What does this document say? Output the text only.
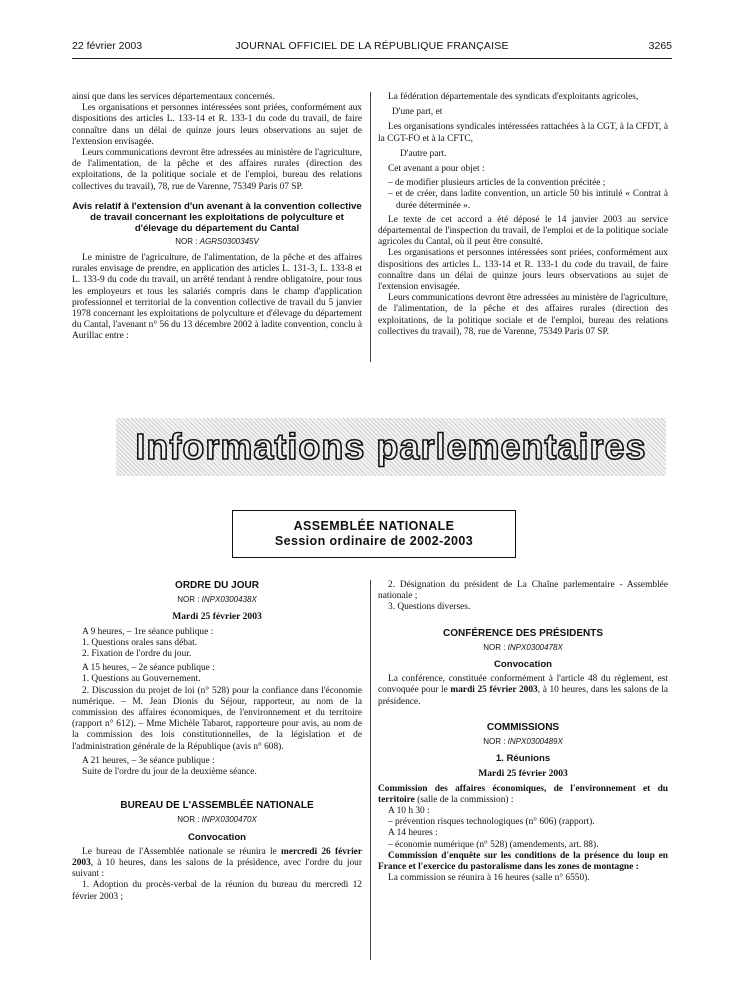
22 février 2003	JOURNAL OFFICIEL DE LA RÉPUBLIQUE FRANÇAISE	3265

ainsi que dans les services départementaux concernés.

Les organisations et personnes intéressées sont priées, conformément aux dispositions des articles L. 133-14 et R. 133-1 du code du travail, de faire connaître dans un délai de quinze jours leurs observations au sujet de l'extension envisagée.

Leurs communications devront être adressées au ministère de l'agriculture, de l'alimentation, de la pêche et des affaires rurales (direction des exploitations, de la politique sociale et de l'emploi, bureau des relations collectives du travail), 78, rue de Varenne, 75349 Paris 07 SP.

Avis relatif à l'extension d'un avenant à la convention collective de travail concernant les exploitations de polyculture et d'élevage du département du Cantal
NOR : AGRS0300345V

Le ministre de l'agriculture, de l'alimentation, de la pêche et des affaires rurales envisage de prendre, en application des articles L. 131-3, L. 133-8 et L. 133-9 du code du travail, un arrêté tendant à rendre obligatoire, pour tous les employeurs et tous les salariés compris dans le champ d'application professionnel et territorial de la convention collective de travail du 5 janvier 1978 concernant les exploitations de polyculture et d'élevage du département du Cantal, l'avenant n° 56 du 13 décembre 2002 à ladite convention, conclu à Aurillac entre :

La fédération départementale des syndicats d'exploitants agricoles,

D'une part, et

Les organisations syndicales intéressées rattachées à la CGT, à la CFDT, à la CGT-FO et à la CFTC,

D'autre part.

Cet avenant a pour objet :

– de modifier plusieurs articles de la convention précitée ;

– et de créer, dans ladite convention, un article 50 bis intitulé « Contrat à durée déterminée ».

Le texte de cet accord a été déposé le 14 janvier 2003 au service départemental de l'inspection du travail, de l'emploi et de la politique sociale agricoles du Cantal, où il peut être consulté.

Les organisations et personnes intéressées sont priées, conformément aux dispositions des articles L. 133-14 et R. 133-1 du code du travail, de faire connaître dans un délai de quinze jours leurs observations au sujet de l'extension envisagée.

Leurs communications devront être adressées au ministère de l'agriculture, de l'alimentation, de la pêche et des affaires rurales (direction des exploitations, de la politique sociale et de l'emploi, bureau des relations collectives du travail), 78, rue de Varenne, 75349 Paris 07 SP.

Informations parlementaires
ASSEMBLÉE NATIONALE
Session ordinaire de 2002-2003
ORDRE DU JOUR
NOR : INPX0300438X
Mardi 25 février 2003

A 9 heures, – 1re séance publique :

1. Questions orales sans débat.

2. Fixation de l'ordre du jour.

A 15 heures, – 2e séance publique :

1. Questions au Gouvernement.

2. Discussion du projet de loi (n° 528) pour la confiance dans l'économie numérique. – M. Jean Dionis du Séjour, rapporteur, au nom de la commission des affaires économiques, de l'environnement et du territoire (rapport n° 612). – Mme Michèle Tabarot, rapporteure pour avis, au nom de la commission des lois constitutionnelles, de la législation et de l'administration générale de la République (avis n° 608).

A 21 heures, – 3e séance publique :

Suite de l'ordre du jour de la deuxième séance.

BUREAU DE L'ASSEMBLÉE NATIONALE
NOR : INPX0300470X
Convocation

Le bureau de l'Assemblée nationale se réunira le mercredi 26 février 2003, à 10 heures, dans les salons de la présidence, avec l'ordre du jour suivant :

1. Adoption du procès-verbal de la réunion du bureau du mercredi 12 février 2003 ;

2. Désignation du président de La Chaîne parlementaire - Assemblée nationale ;

3. Questions diverses.

CONFÉRENCE DES PRÉSIDENTS
NOR : INPX0300478X
Convocation

La conférence, constituée conformément à l'article 48 du règlement, est convoquée pour le mardi 25 février 2003, à 10 heures, dans les salons de la présidence.

COMMISSIONS
NOR : INPX0300489X
1. Réunions
Mardi 25 février 2003

Commission des affaires économiques, de l'environnement et du territoire (salle de la commission) :

A 10 h 30 :

– prévention risques technologiques (n° 606) (rapport).

A 14 heures :

– économie numérique (n° 528) (amendements, art. 88).

Commission d'enquête sur les conditions de la présence du loup en France et l'exercice du pastoralisme dans les zones de montagne :

La commission se réunira à 16 heures (salle n° 6550).
